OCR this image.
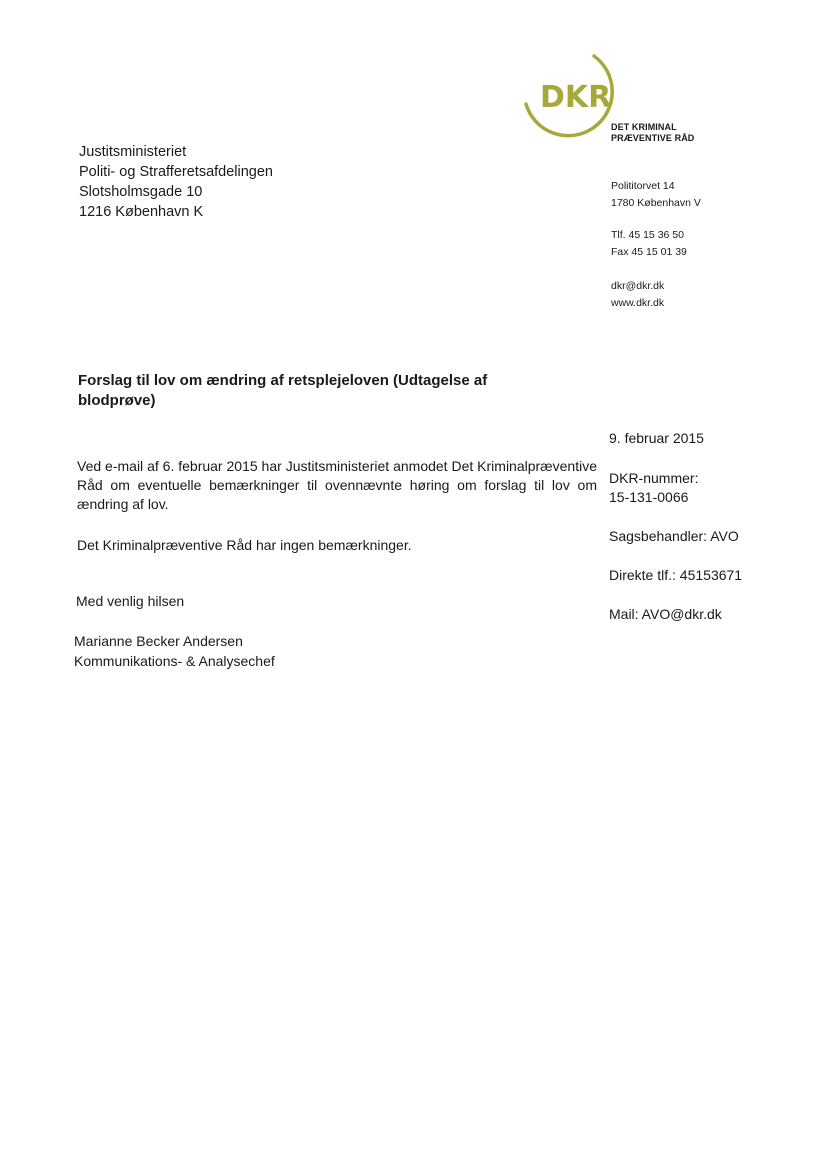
DKR
DET KRIMINAL
PRÆVENTIVE RÅD
Justitsministeriet
Politi- og Strafferetsafdelingen
Slotsholmsgade 10
1216 København K
Polititorvet 14
1780 København V
Tlf. 45 15 36 50
Fax 45 15 01 39
dkr@dkr.dk
www.dkr.dk
Forslag til lov om ændring af retsplejeloven (Udtagelse af blodprøve)
9. februar 2015
DKR-nummer:
15-131-0066
Sagsbehandler: AVO
Direkte tlf.: 45153671
Mail: AVO@dkr.dk
Ved e-mail af 6. februar 2015 har Justitsministeriet anmodet Det Kriminalpræventive Råd om eventuelle bemærkninger til ovennævnte høring om forslag til lov om ændring af lov.
Det Kriminalpræventive Råd har ingen bemærkninger.
Med venlig hilsen
Marianne Becker Andersen
Kommunikations- & Analysechef
